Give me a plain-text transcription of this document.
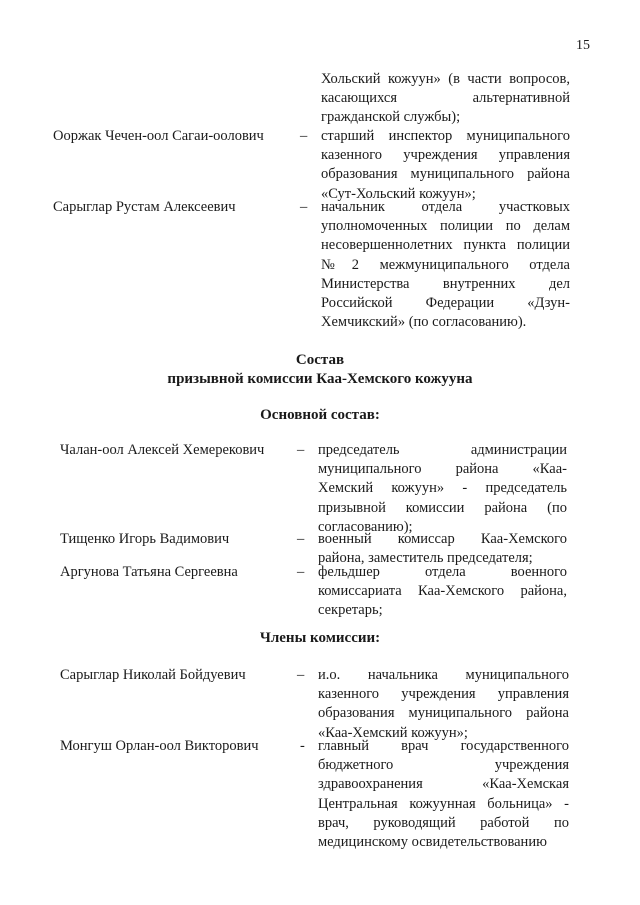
15
Хольский кожуун» (в части вопросов,
касающихся альтернативной
гражданской службы);
Ооржак Чечен-оол Сагаи-оолович – старший инспектор муниципального
казенного учреждения управления
образования муниципального района
«Сут-Хольский кожуун»;
Сарыглар Рустам Алексеевич	– начальник отдела участковых
уполномоченных полиции по делам
несовершеннолетних пункта полиции
№2 межмуниципального отдела
Министерства внутренних дел
Российской Федерации «Дзун-
Хемчикский» (по согласованию).
Состав
призывной комиссии Каа-Хемского кожууна
Основной состав:
Чалан-оол Алексей Хемерекович – председатель администрации
муниципального района «Каа-
Хемский кожуун» - председатель
призывной комиссии района (по
согласованию);
Тищенко Игорь Вадимович	– военный комиссар Каа-Хемского
района, заместитель председателя;
Аргунова Татьяна Сергеевна	– фельдшер отдела военного
комиссариата Каа-Хемского района,
секретарь;
Члены комиссии:
Сарыглар Николай Бойдуевич	– и.о. начальника муниципального
казенного учреждения управления
образования муниципального района
«Каа-Хемский кожуун»;
Монгуш Орлан-оол Викторович	- главный врач государственного
бюджетного учреждения
здравоохранения «Каа-Хемская
Центральная кожуунная больница» -
врач, руководящий работой по
медицинскому освидетельствованию
